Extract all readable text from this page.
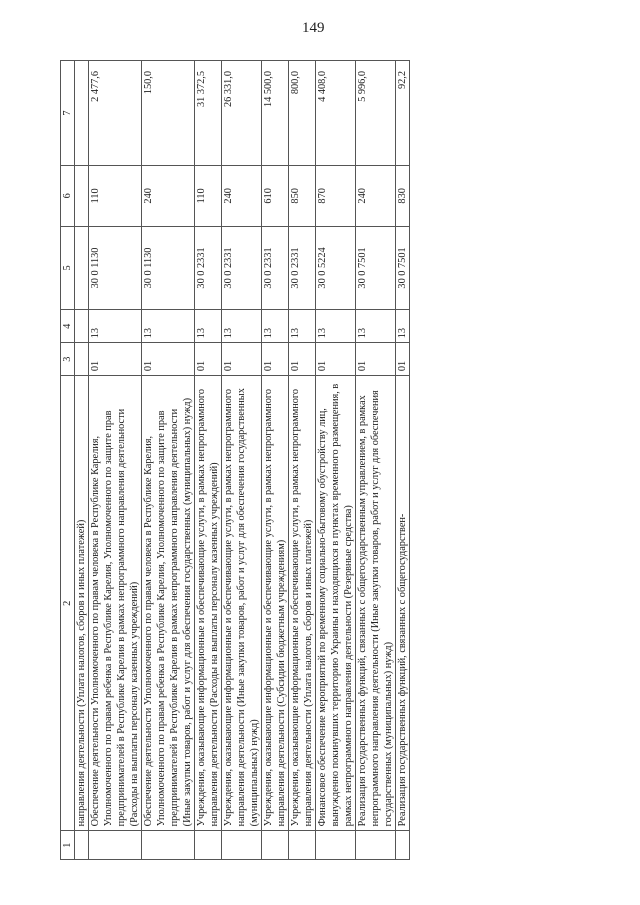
149
1	2	3	4	5	6	7
	направления деятельности (Уплата налогов, сборов и иных платежей)					
	Обеспечение деятельности Уполномоченного по правам человека в Республике Карелия, Уполномоченного по правам ребенка в Республике Карелия, Уполномоченного по защите прав предпринимателей в Республике Карелия в рамках непрограммного направления деятельности (Расходы на выплаты персоналу казенных учреждений)	01	13	30 0 1130	110	2 477,6
	Обеспечение деятельности Уполномоченного по правам человека в Республике Карелия, Уполномоченного по правам ребенка в Республике Карелия, Уполномоченного по защите прав предпринимателей в Республике Карелия в рамках непрограммного направления деятельности (Иные закупки товаров, работ и услуг для обеспечения государственных (муниципальных) нужд)	01	13	30 0 1130	240	150,0
	Учреждения, оказывающие информационные и обеспечивающие услуги, в рамках непрограммного направления деятельности (Расходы на выплаты персоналу казенных учреждений)	01	13	30 0 2331	110	31 372,5
	Учреждения, оказывающие информационные и обеспечивающие услуги, в рамках непрограммного направления деятельности (Иные закупки товаров, работ и услуг для обеспечения государственных (муниципальных) нужд)	01	13	30 0 2331	240	26 331,0
	Учреждения, оказывающие информационные и обеспечивающие услуги, в рамках непрограммного направления деятельности (Субсидии бюджетным учреждениям)	01	13	30 0 2331	610	14 500,0
	Учреждения, оказывающие информационные и обеспечивающие услуги, в рамках непрограммного направления деятельности (Уплата налогов, сборов и иных платежей)	01	13	30 0 2331	850	800,0
	Финансовое обеспечение мероприятий по временному социально-бытовому обустройству лиц, вынужденно покинувших территорию Украины и находящихся в пунктах временного размещения, в рамках непрограммного направления деятельности (Резервные средства)	01	13	30 0 5224	870	4 408,0
	Реализация государственных функций, связанных с общегосударственным управлением, в рамках непрограммного направления деятельности (Иные закупки товаров, работ и услуг для обеспечения государственных (муниципальных) нужд)	01	13	30 0 7501	240	5 996,0
	Реализация государственных функций, связанных с общегосударствен-	01	13	30 0 7501	830	92,2
